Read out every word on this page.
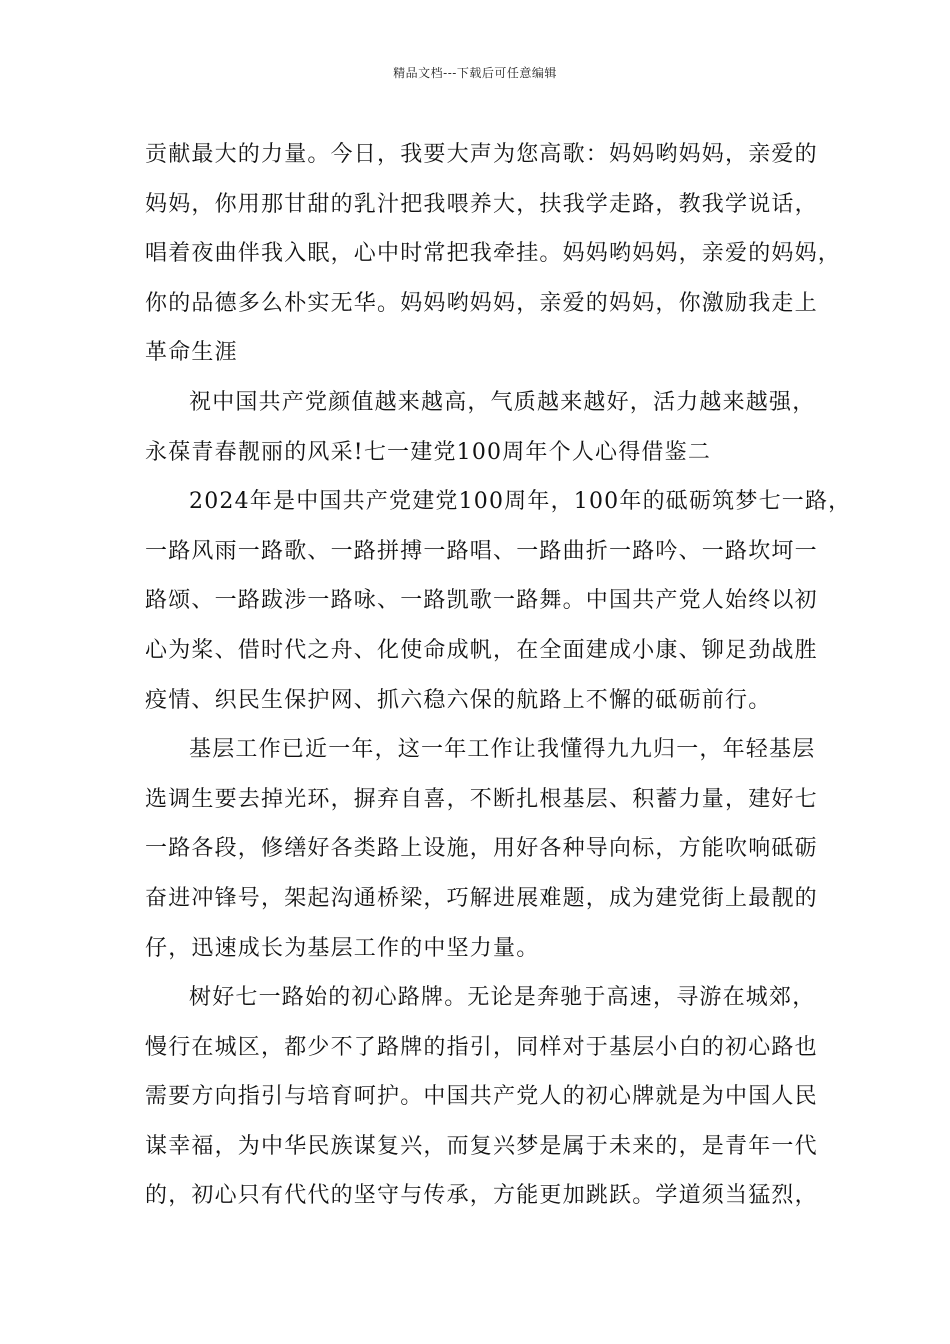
精品文档---下载后可任意编辑
贡献最大的力量。今日，我要大声为您高歌：妈妈哟妈妈，亲爱的
妈妈，你用那甘甜的乳汁把我喂养大，扶我学走路，教我学说话，
唱着夜曲伴我入眠，心中时常把我牵挂。妈妈哟妈妈，亲爱的妈妈，
你的品德多么朴实无华。妈妈哟妈妈，亲爱的妈妈，你激励我走上
革命生涯
祝中国共产党颜值越来越高，气质越来越好，活力越来越强，
永葆青春靓丽的风采!七一建党100周年个人心得借鉴二
2024年是中国共产党建党100周年，100年的砥砺筑梦七一路，
一路风雨一路歌、一路拼搏一路唱、一路曲折一路吟、一路坎坷一
路颂、一路跋涉一路咏、一路凯歌一路舞。中国共产党人始终以初
心为桨、借时代之舟、化使命成帆，在全面建成小康、铆足劲战胜
疫情、织民生保护网、抓六稳六保的航路上不懈的砥砺前行。
基层工作已近一年，这一年工作让我懂得九九归一，年轻基层
选调生要去掉光环，摒弃自喜，不断扎根基层、积蓄力量，建好七
一路各段，修缮好各类路上设施，用好各种导向标，方能吹响砥砺
奋进冲锋号，架起沟通桥梁，巧解进展难题，成为建党街上最靓的
仔，迅速成长为基层工作的中坚力量。
树好七一路始的初心路牌。无论是奔驰于高速，寻游在城郊，
慢行在城区，都少不了路牌的指引，同样对于基层小白的初心路也
需要方向指引与培育呵护。中国共产党人的初心牌就是为中国人民
谋幸福，为中华民族谋复兴，而复兴梦是属于未来的，是青年一代
的，初心只有代代的坚守与传承，方能更加跳跃。学道须当猛烈，
